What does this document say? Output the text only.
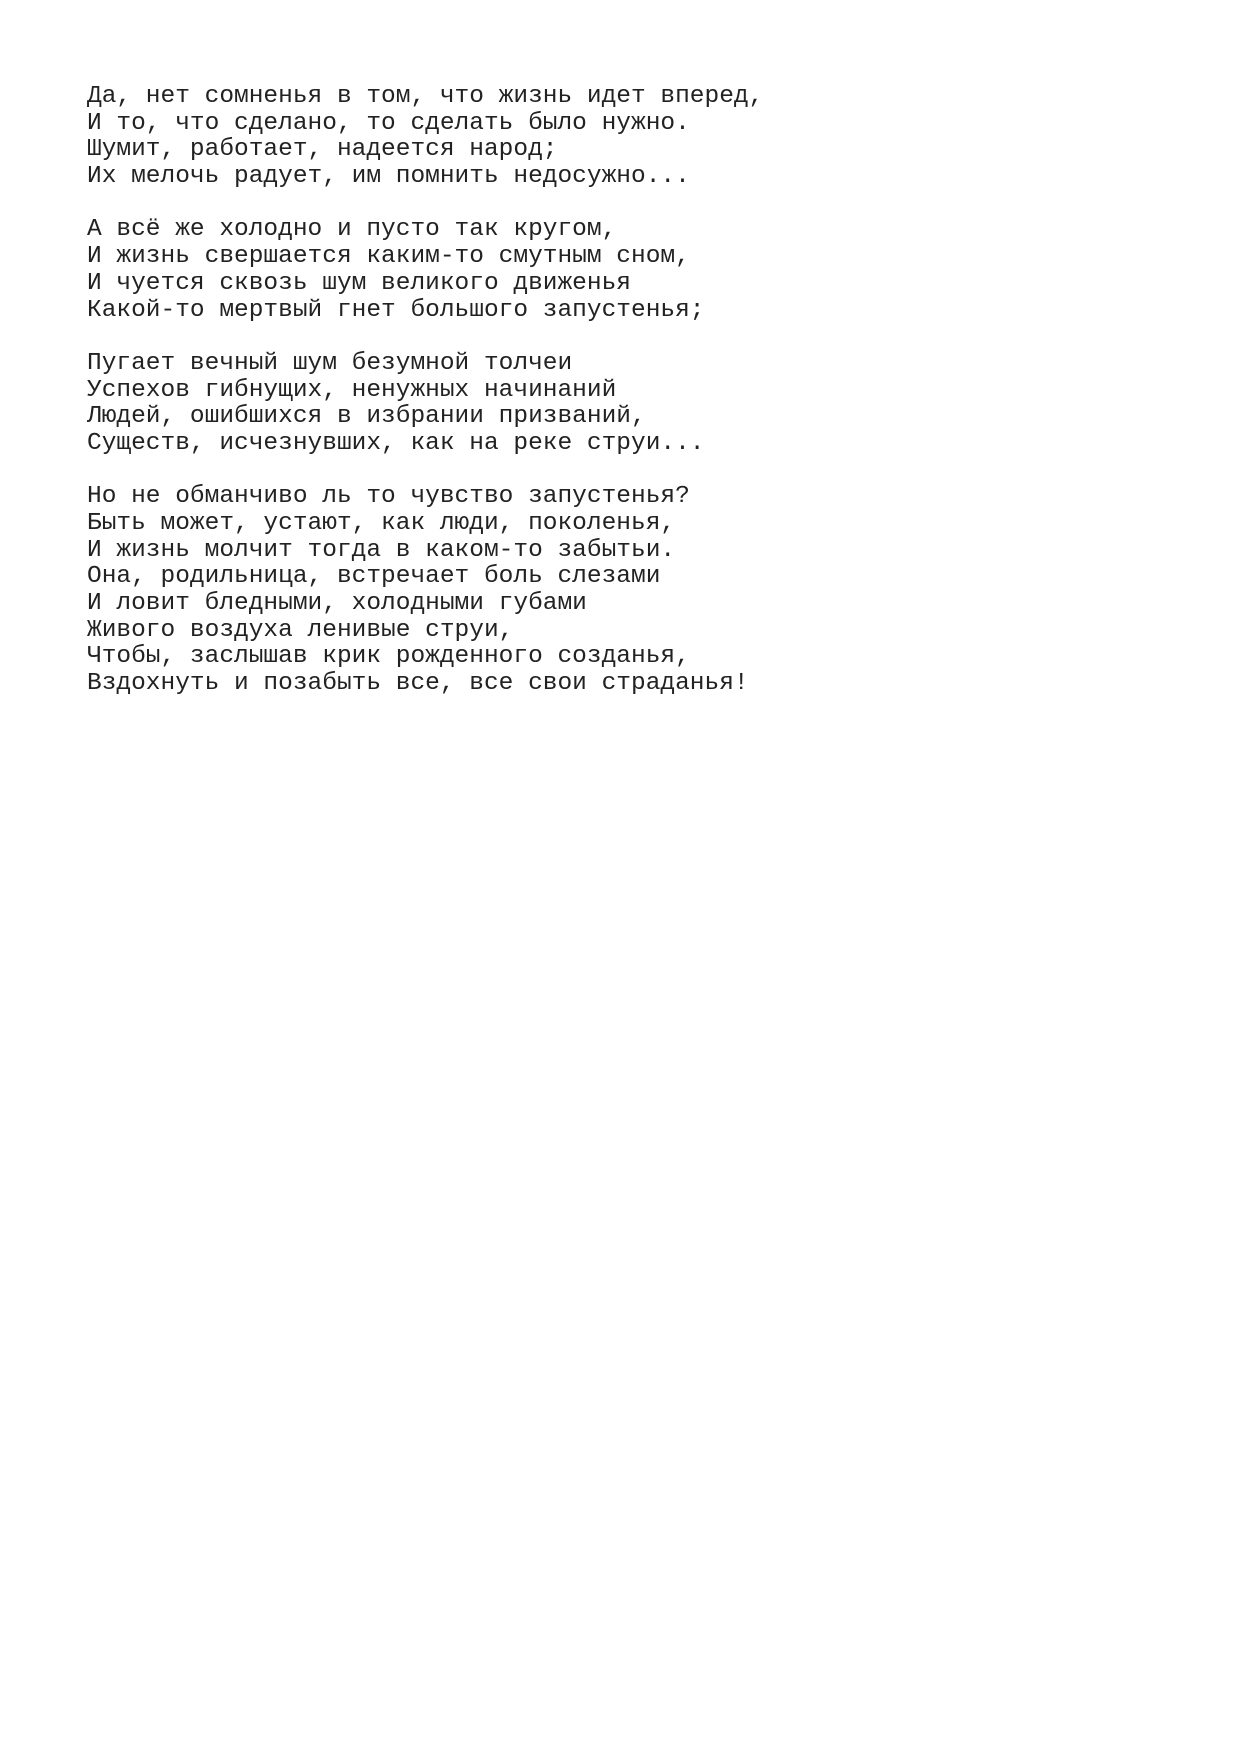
Да, нет сомненья в том, что жизнь идет вперед,
И то, что сделано, то сделать было нужно.
Шумит, работает, надеется народ;
Их мелочь радует, им помнить недосужно...
А всё же холодно и пусто так кругом,
И жизнь свершается каким-то смутным сном,
И чуется сквозь шум великого движенья
Какой-то мертвый гнет большого запустенья;
Пугает вечный шум безумной толчеи
Успехов гибнущих, ненужных начинаний
Людей, ошибшихся в избрании призваний,
Существ, исчезнувших, как на реке струи...
Но не обманчиво ль то чувство запустенья?
Быть может, устают, как люди, поколенья,
И жизнь молчит тогда в каком-то забытьи.
Она, родильница, встречает боль слезами
И ловит бледными, холодными губами
Живого воздуха ленивые струи,
Чтобы, заслышав крик рожденного созданья,
Вздохнуть и позабыть все, все свои страданья!
